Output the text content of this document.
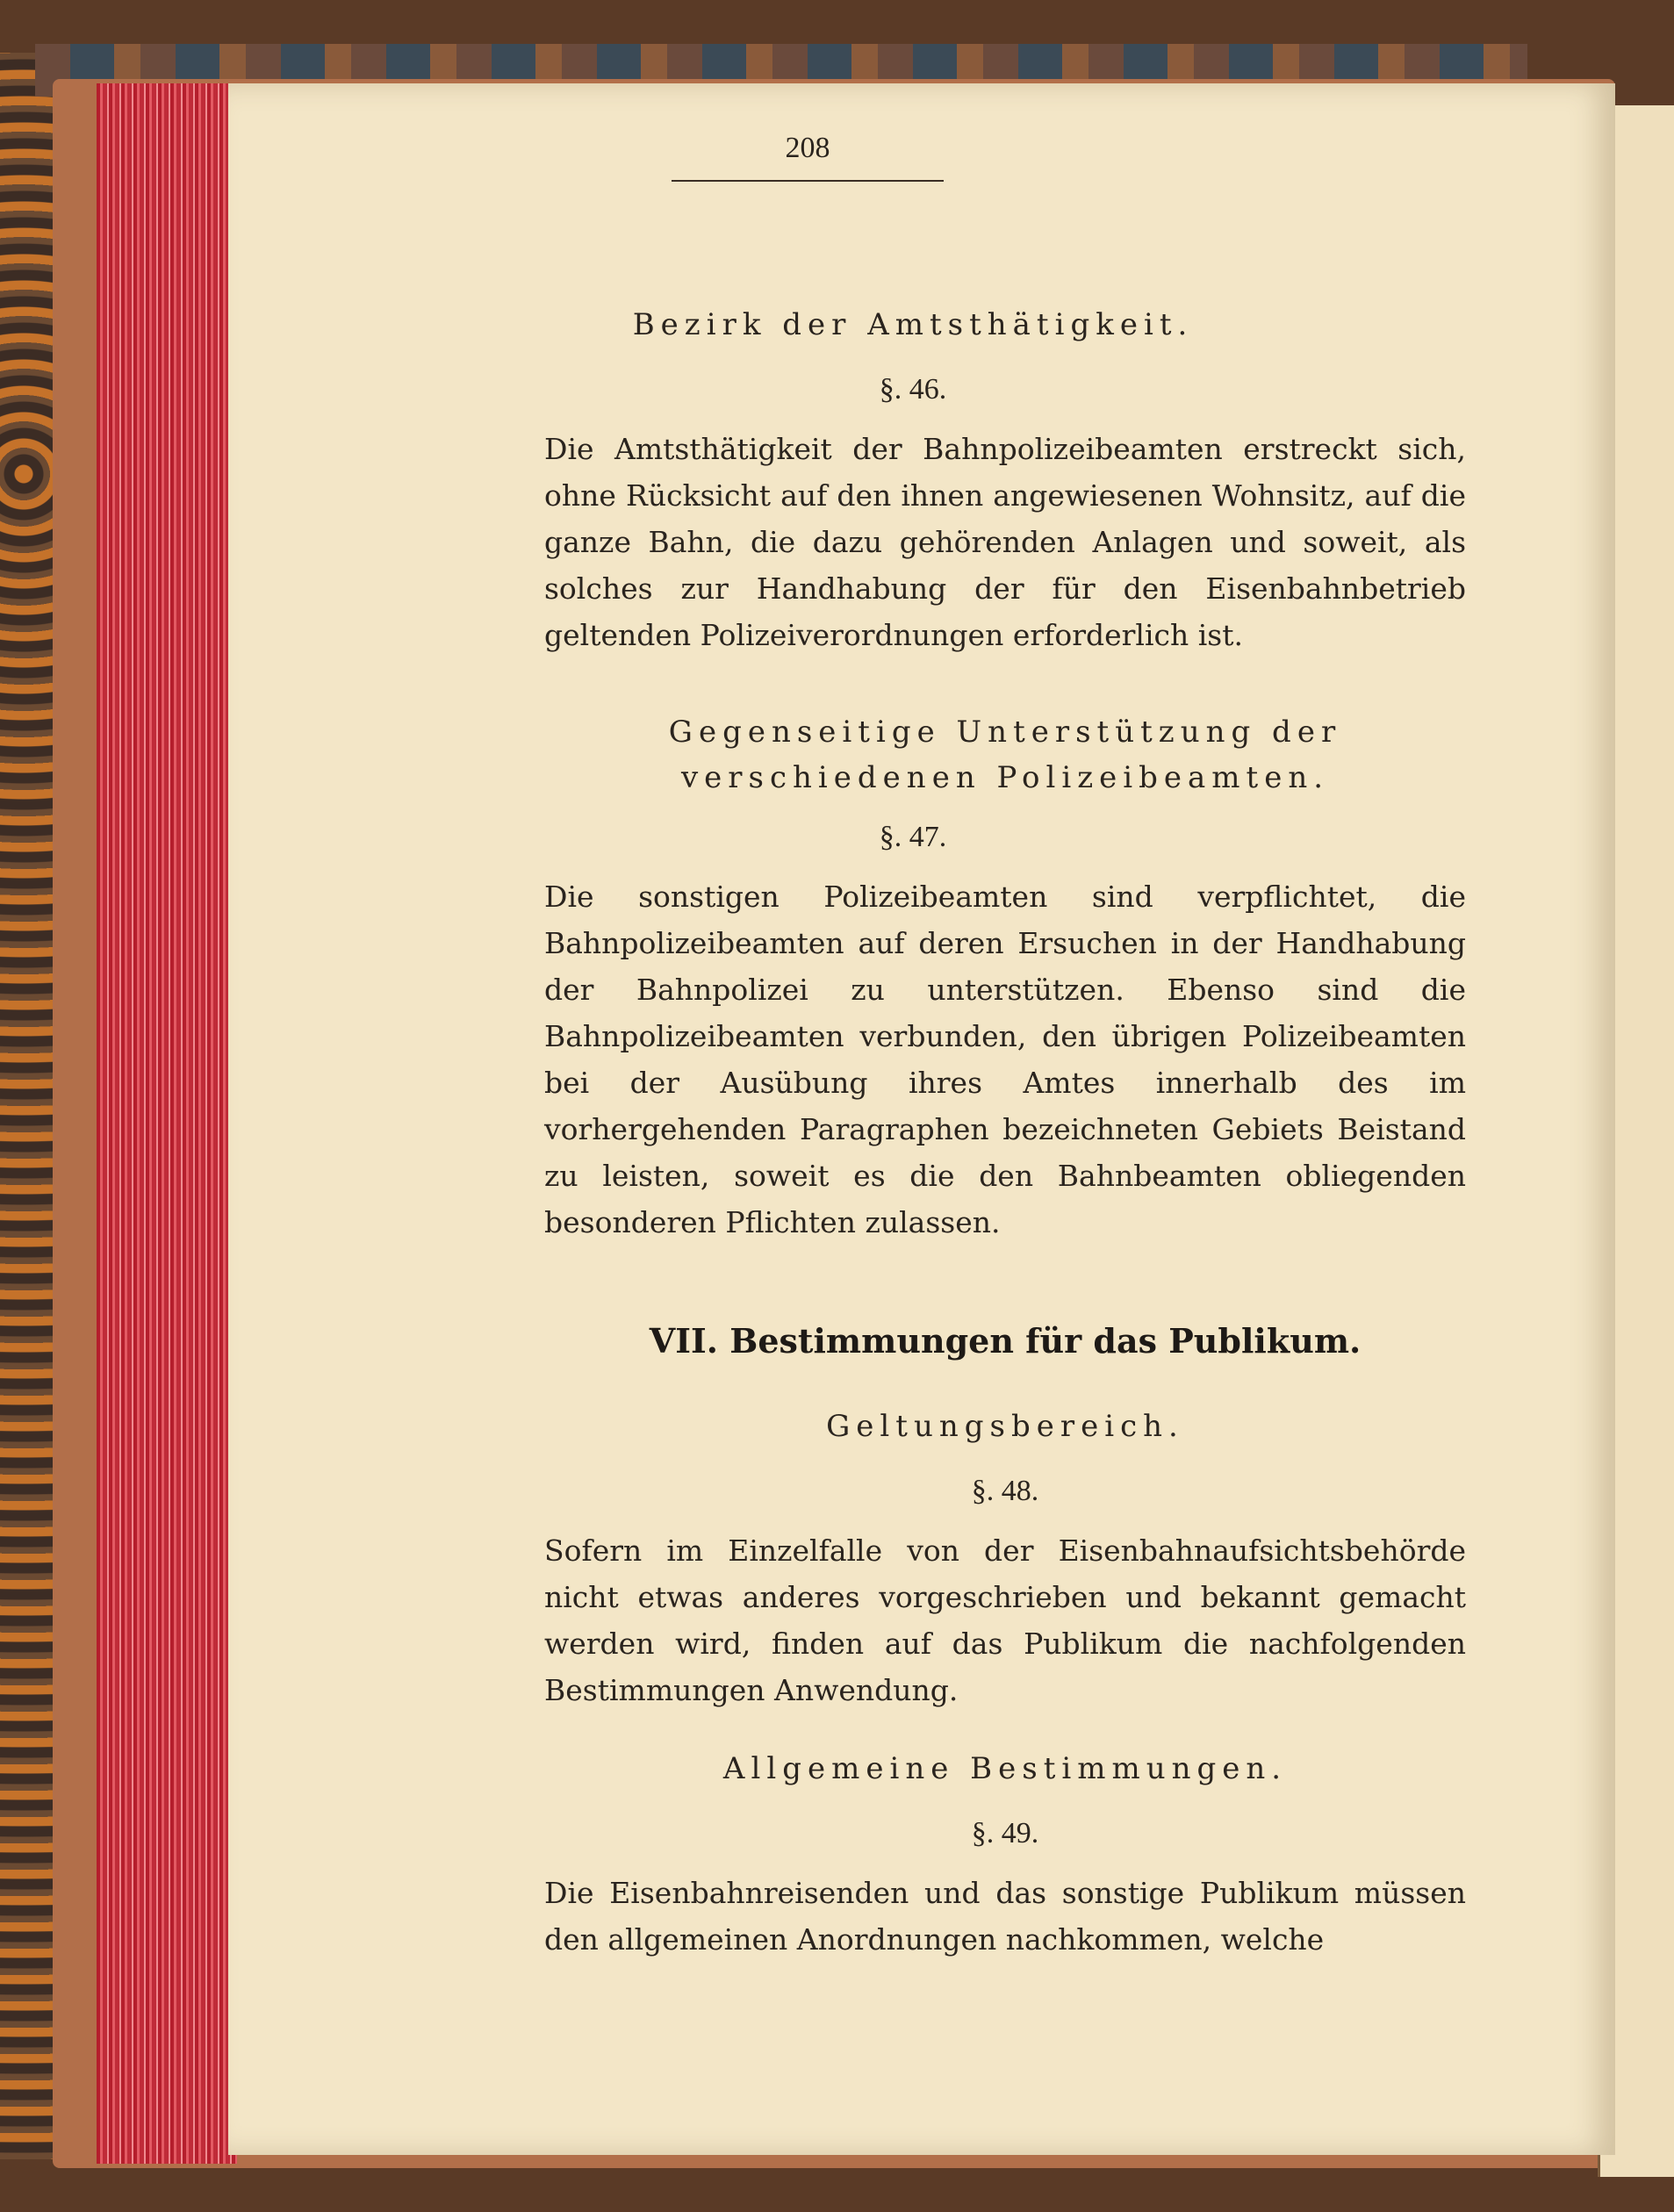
208
Bezirk der Amtsthätigkeit.
§. 46.
Die Amtsthätigkeit der Bahnpolizeibeamten erstreckt sich, ohne Rücksicht auf den ihnen angewiesenen Wohnsitz, auf die ganze Bahn, die dazu gehörenden Anlagen und soweit, als solches zur Handhabung der für den Eisenbahnbetrieb geltenden Polizeiverordnungen erforderlich ist.
Gegenseitige Unterstützung der verschiedenen Polizeibeamten.
§. 47.
Die sonstigen Polizeibeamten sind verpflichtet, die Bahnpolizeibeamten auf deren Ersuchen in der Handhabung der Bahnpolizei zu unterstützen. Ebenso sind die Bahnpolizeibeamten verbunden, den übrigen Polizeibeamten bei der Ausübung ihres Amtes innerhalb des im vorhergehenden Paragraphen bezeichneten Gebiets Beistand zu leisten, soweit es die den Bahnbeamten obliegenden besonderen Pflichten zulassen.
VII. Bestimmungen für das Publikum.
Geltungsbereich.
§. 48.
Sofern im Einzelfalle von der Eisenbahnaufsichtsbehörde nicht etwas anderes vorgeschrieben und bekannt gemacht werden wird, finden auf das Publikum die nachfolgenden Bestimmungen Anwendung.
Allgemeine Bestimmungen.
§. 49.
Die Eisenbahnreisenden und das sonstige Publikum müssen den allgemeinen Anordnungen nachkommen, welche
